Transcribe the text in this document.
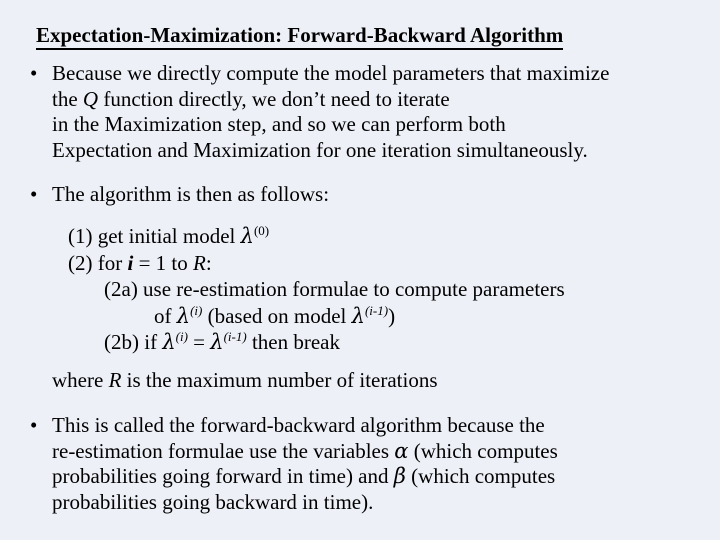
Expectation-Maximization: Forward-Backward Algorithm
• Because we directly compute the model parameters that maximize
the Q function directly, we don’t need to iterate
in the Maximization step, and so we can perform both
Expectation and Maximization for one iteration simultaneously.
• The algorithm is then as follows:
(1) get initial model $\lambda^{(0)}$
(2) for i = 1 to R:
(2a) use re-estimation formulae to compute parameters
of $\lambda^{(i)}$ (based on model $\lambda^{(i-1)}$)
(2b) if $\lambda^{(i)} = \lambda^{(i-1)}$ then break
where R is the maximum number of iterations
• This is called the forward-backward algorithm because the
re-estimation formulae use the variables α (which computes
probabilities going forward in time) and β (which computes
probabilities going backward in time).
